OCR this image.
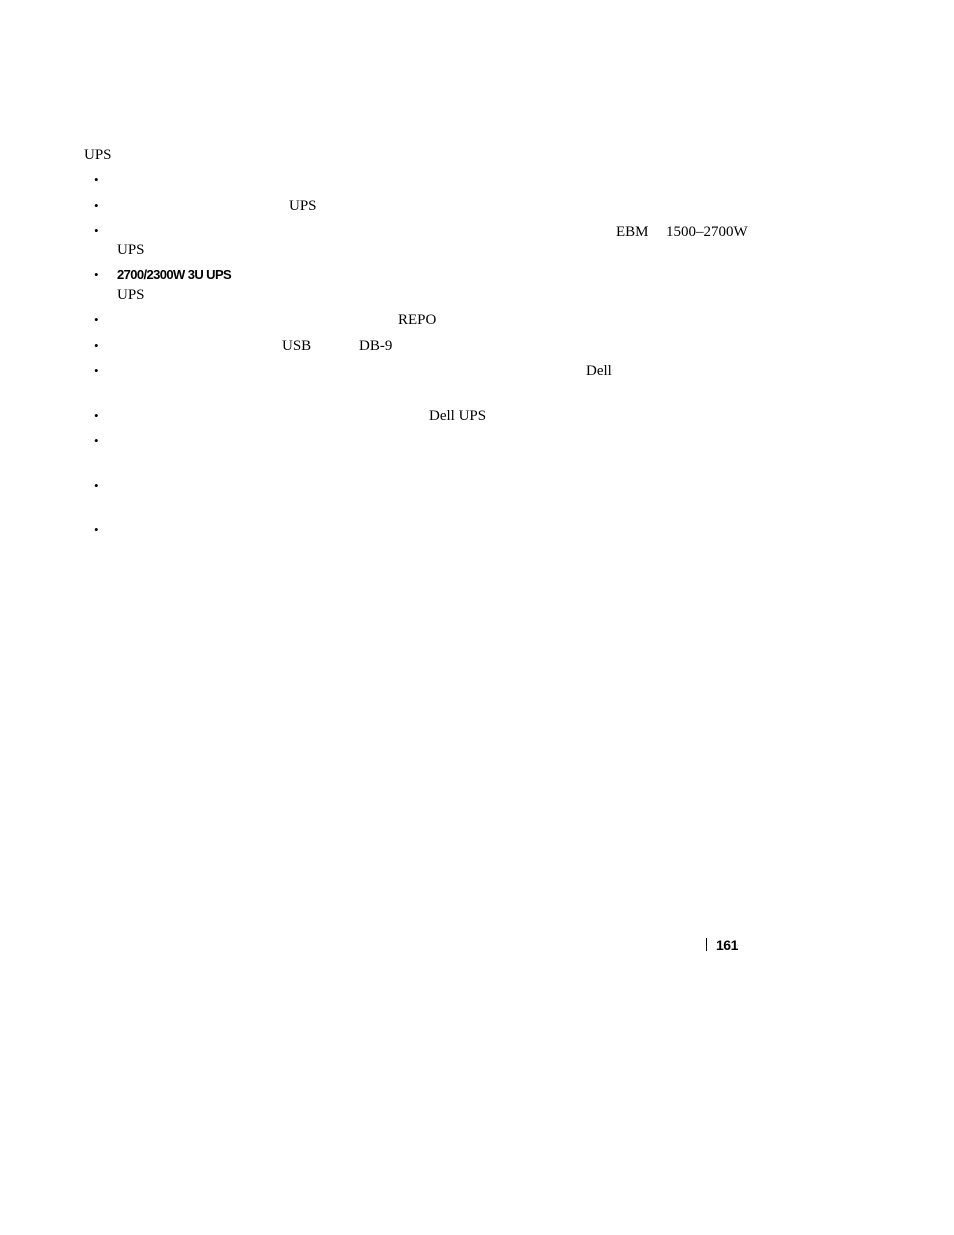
UPS
•
•	UPS
•	EBM 1500–2700W
UPS
• 2700/2300W 3U UPS
UPS
•	REPO
•	USB	DB-9
•	Dell
•	Dell UPS
•
•
•
161
